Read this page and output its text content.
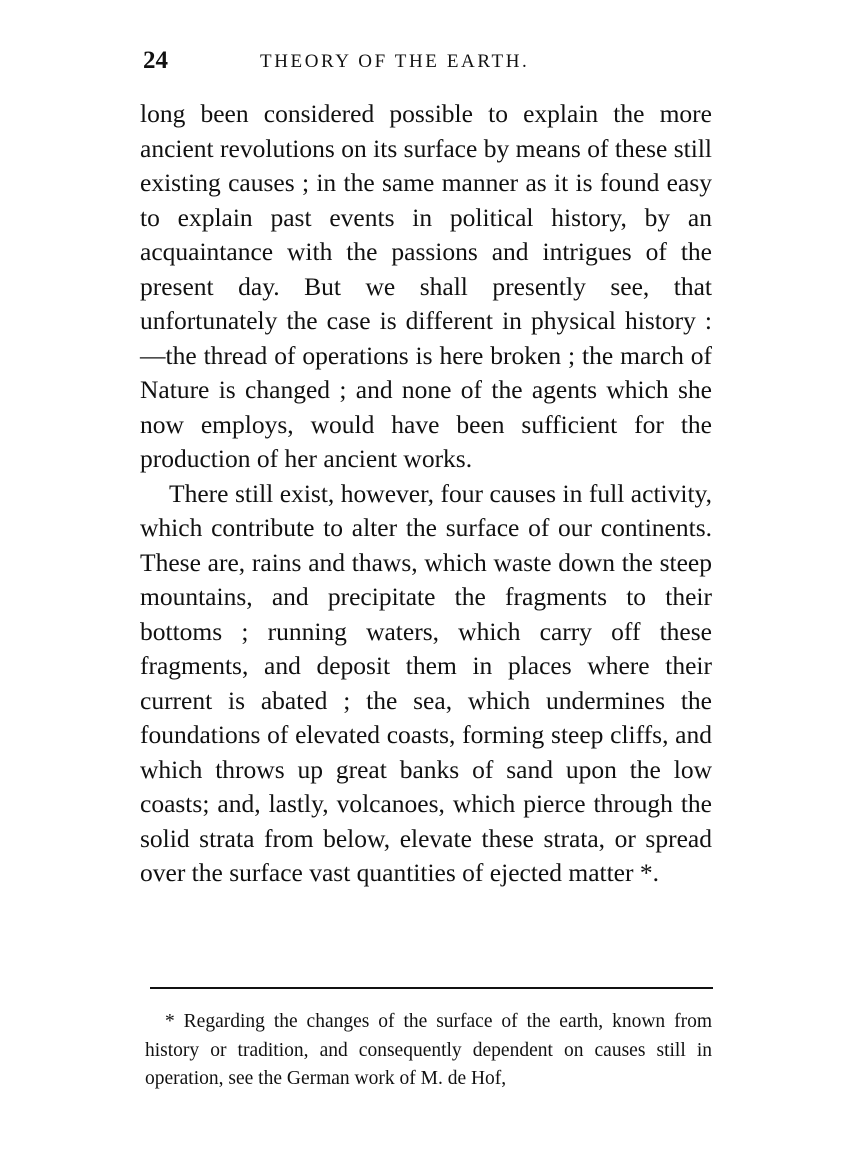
24	THEORY OF THE EARTH.

long been considered possible to explain the more ancient revolutions on its surface by means of these still existing causes ; in the same manner as it is found easy to explain past events in political history, by an acquaintance with the passions and intrigues of the present day. But we shall presently see, that unfortunately the case is different in physical history :—the thread of operations is here broken ; the march of Nature is changed ; and none of the agents which she now employs, would have been sufficient for the production of her ancient works.

There still exist, however, four causes in full activity, which contribute to alter the surface of our continents. These are, rains and thaws, which waste down the steep mountains, and precipitate the fragments to their bottoms ; running waters, which carry off these fragments, and deposit them in places where their current is abated ; the sea, which undermines the foundations of elevated coasts, forming steep cliffs, and which throws up great banks of sand upon the low coasts; and, lastly, volcanoes, which pierce through the solid strata from below, elevate these strata, or spread over the surface vast quantities of ejected matter *.

* Regarding the changes of the surface of the earth, known from history or tradition, and consequently dependent on causes still in operation, see the German work of M. de Hof,
